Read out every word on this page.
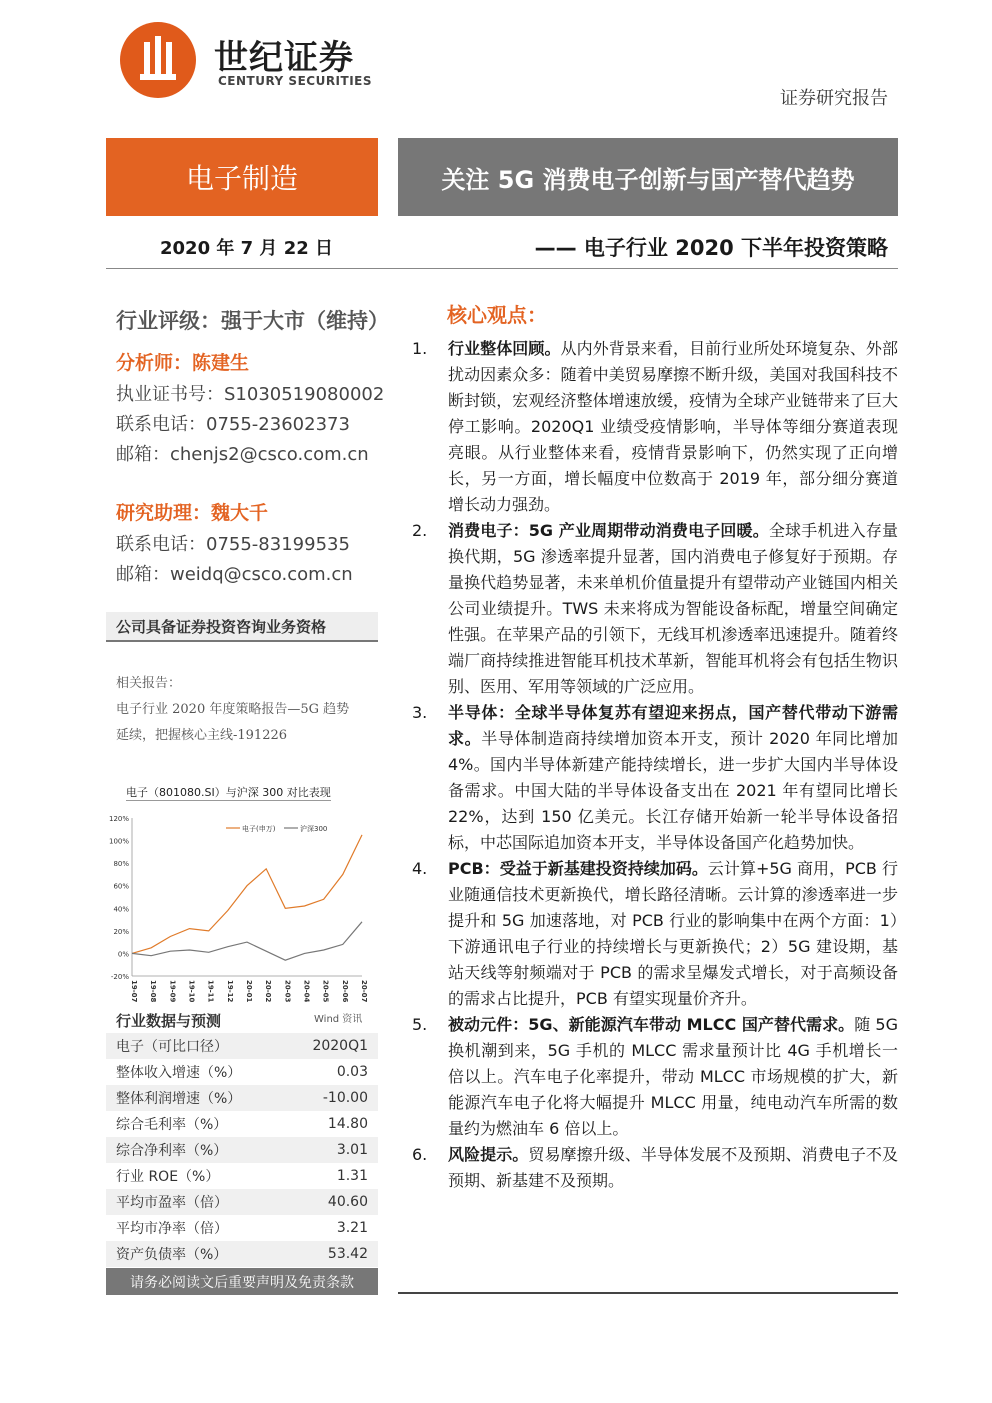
世纪证券
CENTURY SECURITIES
证券研究报告
电子制造	关注 5G 消费电子创新与国产替代趋势
2020 年 7 月 22 日	—— 电子行业 2020 下半年投资策略
行业评级：强于大市（维持）
分析师：陈建生
执业证书号：S1030519080002
联系电话：0755-23602373
邮箱：chenjs2@csco.com.cn
研究助理：魏大千
联系电话：0755-83199535
邮箱：weidq@csco.com.cn
公司具备证券投资咨询业务资格
相关报告：
电子行业 2020 年度策略报告—5G 趋势
延续，把握核心主线-191226
电子（801080.SI）与沪深 300 对比表现
-20%
0%
20%
40%
60%
80%
100%
120%
19-07 19-08 19-09 19-10 19-11 19-12 20-01 20-02 20-03 20-04 20-05 20-06 20-07
电子(申万)	沪深300
行业数据与预测	Wind 资讯
电子（可比口径）	2020Q1
整体收入增速（%）	0.03
整体利润增速（%）	-10.00
综合毛利率（%）	14.80
综合净利率（%）	3.01
行业 ROE（%）	1.31
平均市盈率（倍）	40.60
平均市净率（倍）	3.21
资产负债率（%）	53.42
请务必阅读文后重要声明及免责条款
核心观点：
1.	行业整体回顾。从内外背景来看，目前行业所处环境复杂、外部扰动因素众多：随着中美贸易摩擦不断升级，美国对我国科技不断封锁，宏观经济整体增速放缓，疫情为全球产业链带来了巨大停工影响。2020Q1 业绩受疫情影响，半导体等细分赛道表现亮眼。从行业整体来看，疫情背景影响下，仍然实现了正向增长，另一方面，增长幅度中位数高于 2019 年，部分细分赛道增长动力强劲。
2.	消费电子：5G 产业周期带动消费电子回暖。全球手机进入存量换代期，5G 渗透率提升显著，国内消费电子修复好于预期。存量换代趋势显著，未来单机价值量提升有望带动产业链国内相关公司业绩提升。TWS 未来将成为智能设备标配，增量空间确定性强。在苹果产品的引领下，无线耳机渗透率迅速提升。随着终端厂商持续推进智能耳机技术革新，智能耳机将会有包括生物识别、医用、军用等领域的广泛应用。
3.	半导体：全球半导体复苏有望迎来拐点，国产替代带动下游需求。半导体制造商持续增加资本开支，预计 2020 年同比增加 4%。国内半导体新建产能持续增长，进一步扩大国内半导体设备需求。中国大陆的半导体设备支出在 2021 年有望同比增长 22%，达到 150 亿美元。长江存储开始新一轮半导体设备招标，中芯国际追加资本开支，半导体设备国产化趋势加快。
4.	PCB：受益于新基建投资持续加码。云计算+5G 商用，PCB 行业随通信技术更新换代，增长路径清晰。云计算的渗透率进一步提升和 5G 加速落地，对 PCB 行业的影响集中在两个方面：1）下游通讯电子行业的持续增长与更新换代；2）5G 建设期，基站天线等射频端对于 PCB 的需求呈爆发式增长，对于高频设备的需求占比提升，PCB 有望实现量价齐升。
5.	被动元件：5G、新能源汽车带动 MLCC 国产替代需求。随 5G 换机潮到来，5G 手机的 MLCC 需求量预计比 4G 手机增长一倍以上。汽车电子化率提升，带动 MLCC 市场规模的扩大，新能源汽车电子化将大幅提升 MLCC 用量，纯电动汽车所需的数量约为燃油车 6 倍以上。
6.	风险提示。贸易摩擦升级、半导体发展不及预期、消费电子不及预期、新基建不及预期。
